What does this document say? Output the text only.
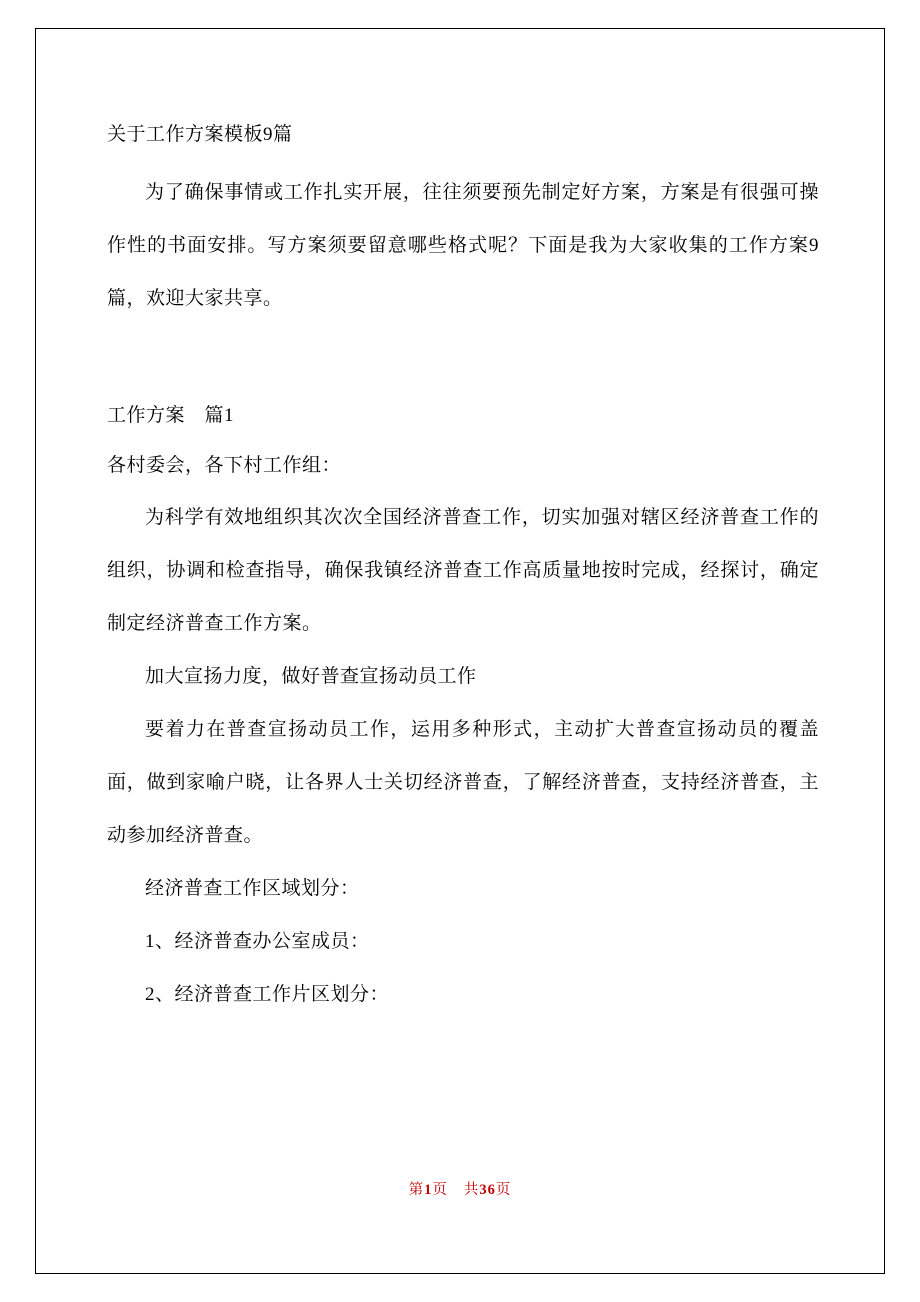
关于工作方案模板9篇

为了确保事情或工作扎实开展，往往须要预先制定好方案，方案是有很强可操作性的书面安排。写方案须要留意哪些格式呢？下面是我为大家收集的工作方案9篇，欢迎大家共享。

工作方案　篇1
各村委会，各下村工作组：

为科学有效地组织其次次全国经济普查工作，切实加强对辖区经济普查工作的组织，协调和检查指导，确保我镇经济普查工作高质量地按时完成，经探讨，确定制定经济普查工作方案。

加大宣扬力度，做好普查宣扬动员工作

要着力在普查宣扬动员工作，运用多种形式，主动扩大普查宣扬动员的覆盖面，做到家喻户晓，让各界人士关切经济普查，了解经济普查，支持经济普查，主动参加经济普查。

经济普查工作区域划分：

1、经济普查办公室成员：

2、经济普查工作片区划分：

第1页 共36页
